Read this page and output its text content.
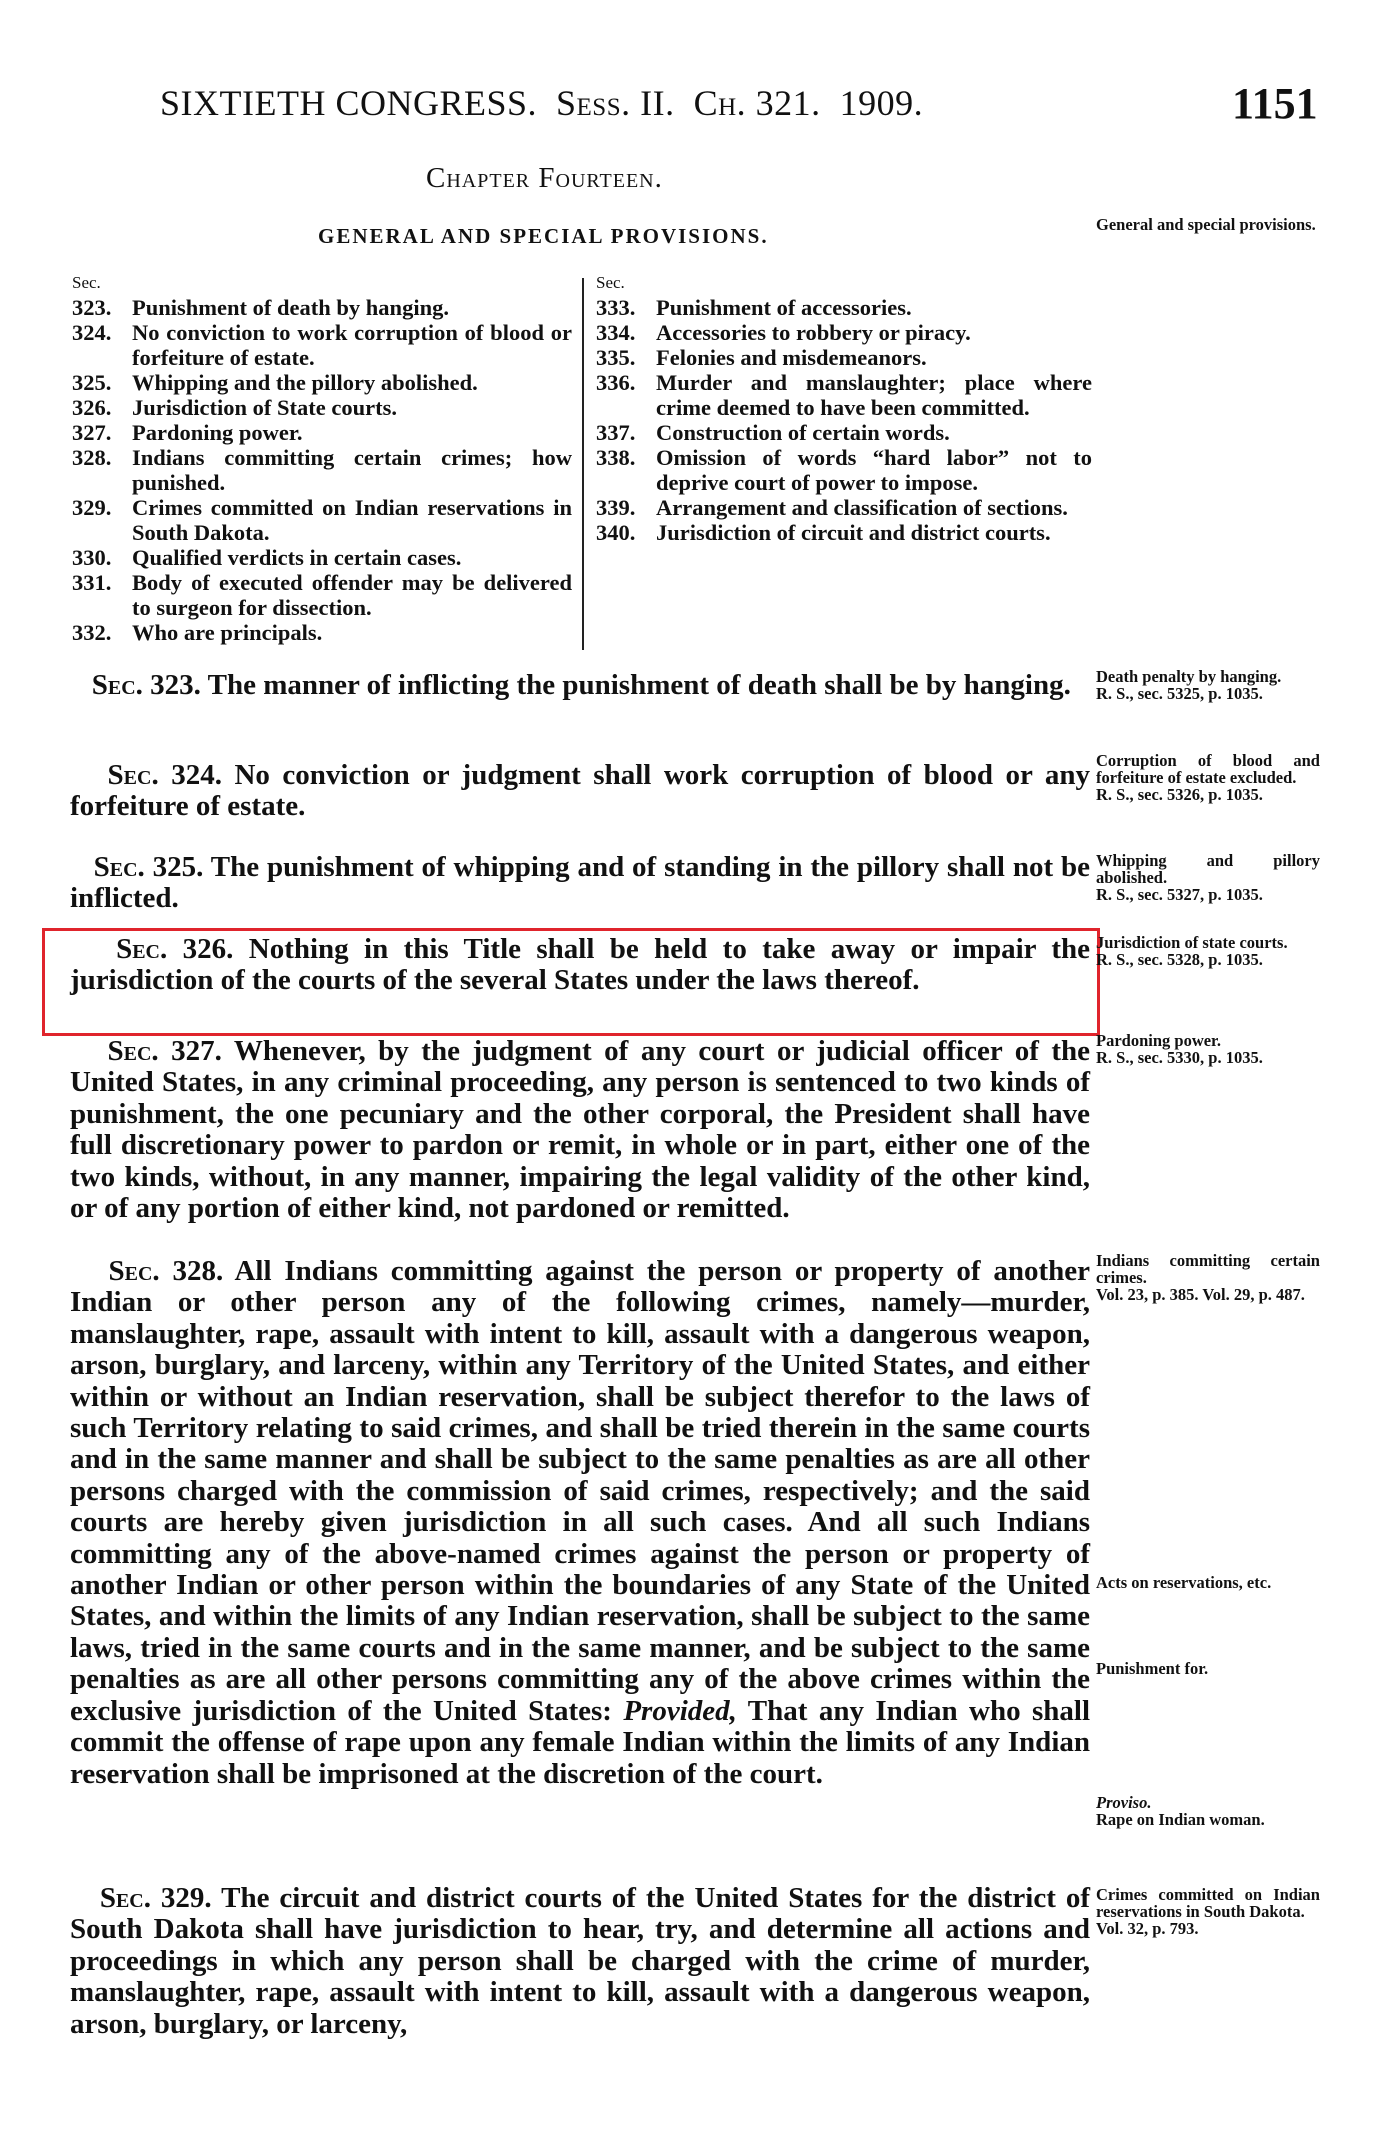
SIXTIETH CONGRESS. Sess. II. Ch. 321. 1909.	1151
Chapter Fourteen.
GENERAL AND SPECIAL PROVISIONS.
Sec.
323. Punishment of death by hanging.
324. No conviction to work corruption of blood or forfeiture of estate.
325. Whipping and the pillory abolished.
326. Jurisdiction of State courts.
327. Pardoning power.
328. Indians committing certain crimes; how punished.
329. Crimes committed on Indian reservations in South Dakota.
330. Qualified verdicts in certain cases.
331. Body of executed offender may be delivered to surgeon for dissection.
332. Who are principals.
Sec.
333. Punishment of accessories.
334. Accessories to robbery or piracy.
335. Felonies and misdemeanors.
336. Murder and manslaughter; place where crime deemed to have been committed.
337. Construction of certain words.
338. Omission of words “hard labor” not to deprive court of power to impose.
339. Arrangement and classification of sections.
340. Jurisdiction of circuit and district courts.
Sec. 323. The manner of inflicting the punishment of death shall be by hanging.
Sec. 324. No conviction or judgment shall work corruption of blood or any forfeiture of estate.
Sec. 325. The punishment of whipping and of standing in the pillory shall not be inflicted.
Sec. 326. Nothing in this Title shall be held to take away or impair the jurisdiction of the courts of the several States under the laws thereof.
Sec. 327. Whenever, by the judgment of any court or judicial officer of the United States, in any criminal proceeding, any person is sentenced to two kinds of punishment, the one pecuniary and the other corporal, the President shall have full discretionary power to pardon or remit, in whole or in part, either one of the two kinds, without, in any manner, impairing the legal validity of the other kind, or of any portion of either kind, not pardoned or remitted.
Sec. 328. All Indians committing against the person or property of another Indian or other person any of the following crimes, namely—murder, manslaughter, rape, assault with intent to kill, assault with a dangerous weapon, arson, burglary, and larceny, within any Territory of the United States, and either within or without an Indian reservation, shall be subject therefor to the laws of such Territory relating to said crimes, and shall be tried therein in the same courts and in the same manner and shall be subject to the same penalties as are all other persons charged with the commission of said crimes, respectively; and the said courts are hereby given jurisdiction in all such cases. And all such Indians committing any of the above-named crimes against the person or property of another Indian or other person within the boundaries of any State of the United States, and within the limits of any Indian reservation, shall be subject to the same laws, tried in the same courts and in the same manner, and be subject to the same penalties as are all other persons committing any of the above crimes within the exclusive jurisdiction of the United States: Provided, That any Indian who shall commit the offense of rape upon any female Indian within the limits of any Indian reservation shall be imprisoned at the discretion of the court.
Sec. 329. The circuit and district courts of the United States for the district of South Dakota shall have jurisdiction to hear, try, and determine all actions and proceedings in which any person shall be charged with the crime of murder, manslaughter, rape, assault with intent to kill, assault with a dangerous weapon, arson, burglary, or larceny,
General and special provisions.
Death penalty by hanging.
R. S., sec. 5325, p. 1035.
Corruption of blood and forfeiture of estate excluded.
R. S., sec. 5326, p. 1035.
Whipping and pillory abolished.
R. S., sec. 5327, p. 1035.
Jurisdiction of state courts.
R. S., sec. 5328, p. 1035.
Pardoning power.
R. S., sec. 5330, p. 1035.
Indians committing certain crimes.
Vol. 23, p. 385. Vol. 29, p. 487.
Acts on reservations, etc.
Punishment for.
Proviso.
Rape on Indian woman.
Crimes committed on Indian reservations in South Dakota.
Vol. 32, p. 793.
